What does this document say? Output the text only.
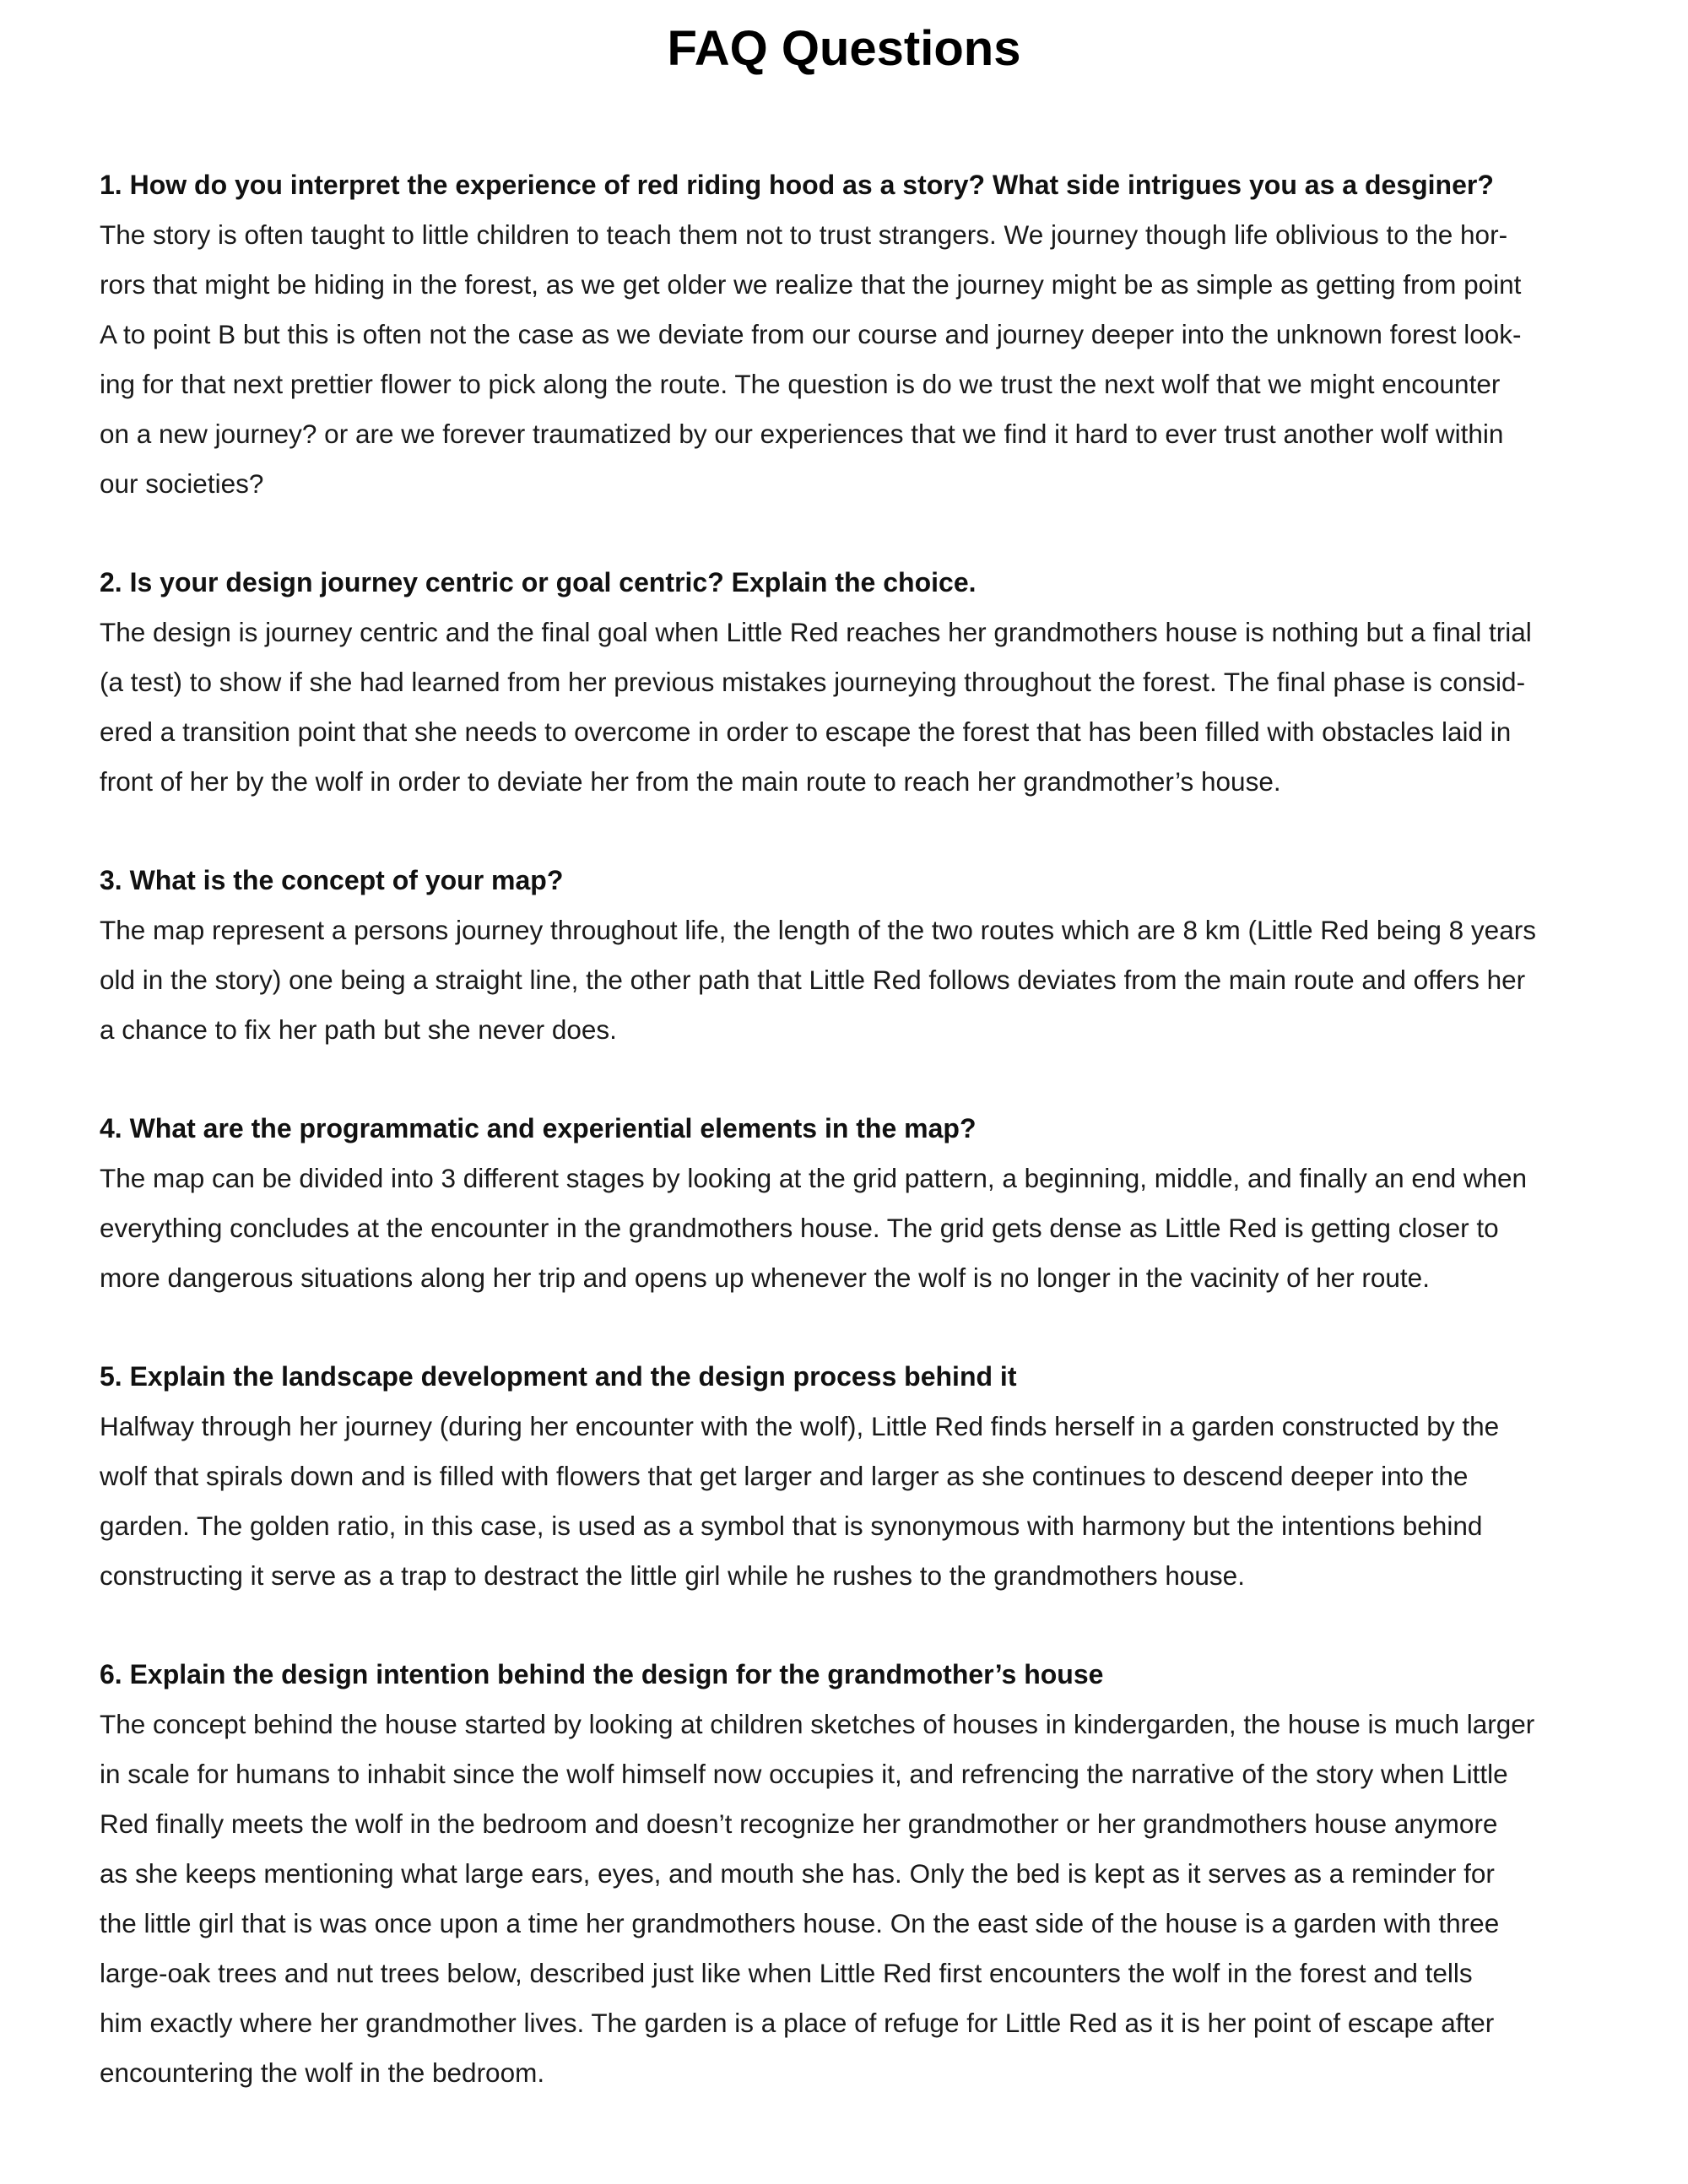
FAQ Questions

1. How do you interpret the experience of red riding hood as a story? What side intrigues you as a desginer?

The story is often taught to little children to teach them not to trust strangers. We journey though life oblivious to the hor-
rors that might be hiding in the forest, as we get older we realize that the journey might be as simple as getting from point
A to point B but this is often not the case as we deviate from our course and journey deeper into the unknown forest look-
ing for that next prettier flower to pick along the route. The question is do we trust the next wolf that we might encounter
on a new journey? or are we forever traumatized by our experiences that we find it hard to ever trust another wolf within
our societies?

2. Is your design journey centric or goal centric? Explain the choice.

The design is journey centric and the final goal when Little Red reaches her grandmothers house is nothing but a final trial
(a test) to show if she had learned from her previous mistakes journeying throughout the forest. The final phase is consid-
ered a transition point that she needs to overcome in order to escape the forest that has been filled with obstacles laid in
front of her by the wolf in order to deviate her from the main route to reach her grandmother’s house.

3. What is the concept of your map?

The map represent a persons journey throughout life, the length of the two routes which are 8 km (Little Red being 8 years
old in the story) one being a straight line, the other path that Little Red follows deviates from the main route and offers her
a chance to fix her path but she never does.

4. What are the programmatic and experiential elements in the map?

The map can be divided into 3 different stages by looking at the grid pattern, a beginning, middle, and finally an end when
everything concludes at the encounter in the grandmothers house. The grid gets dense as Little Red is getting closer to
more dangerous situations along her trip and opens up whenever the wolf is no longer in the vacinity of her route.

5. Explain the landscape development and the design process behind it

Halfway through her journey (during her encounter with the wolf), Little Red finds herself in a garden constructed by the
wolf that spirals down and is filled with flowers that get larger and larger as she continues to descend deeper into the
garden. The golden ratio, in this case, is used as a symbol that is synonymous with harmony but the intentions behind
constructing it serve as a trap to destract the little girl while he rushes to the grandmothers house.

6. Explain the design intention behind the design for the grandmother’s house

The concept behind the house started by looking at children sketches of houses in kindergarden, the house is much larger
in scale for humans to inhabit since the wolf himself now occupies it, and refrencing the narrative of the story when Little
Red finally meets the wolf in the bedroom and doesn’t recognize her grandmother or her grandmothers house anymore
as she keeps mentioning what large ears, eyes, and mouth she has. Only the bed is kept as it serves as a reminder for
the little girl that is was once upon a time her grandmothers house. On the east side of the house is a garden with three
large-oak trees and nut trees below, described just like when Little Red first encounters the wolf in the forest and tells
him exactly where her grandmother lives. The garden is a place of refuge for Little Red as it is her point of escape after
encountering the wolf in the bedroom.
